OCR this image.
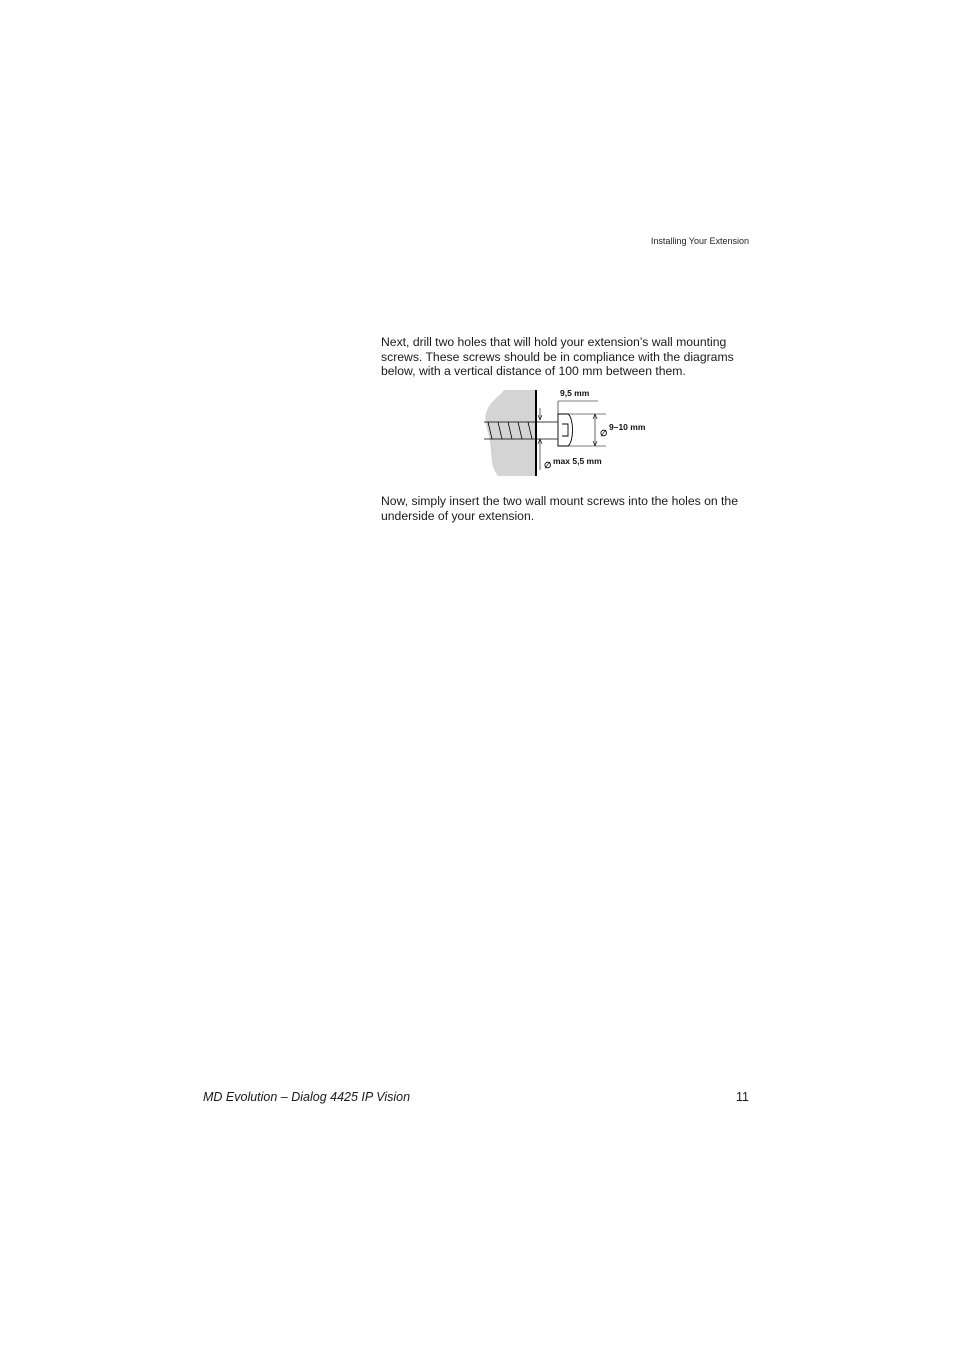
Installing Your Extension

Next, drill two holes that will hold your extension’s wall mounting screws. These screws should be in compliance with the diagrams below, with a vertical distance of 100 mm between them.

9,5 mm
∅
9–10 mm
∅ max 5,5 mm

Now, simply insert the two wall mount screws into the holes on the underside of your extension.

MD Evolution – Dialog 4425 IP Vision	11
